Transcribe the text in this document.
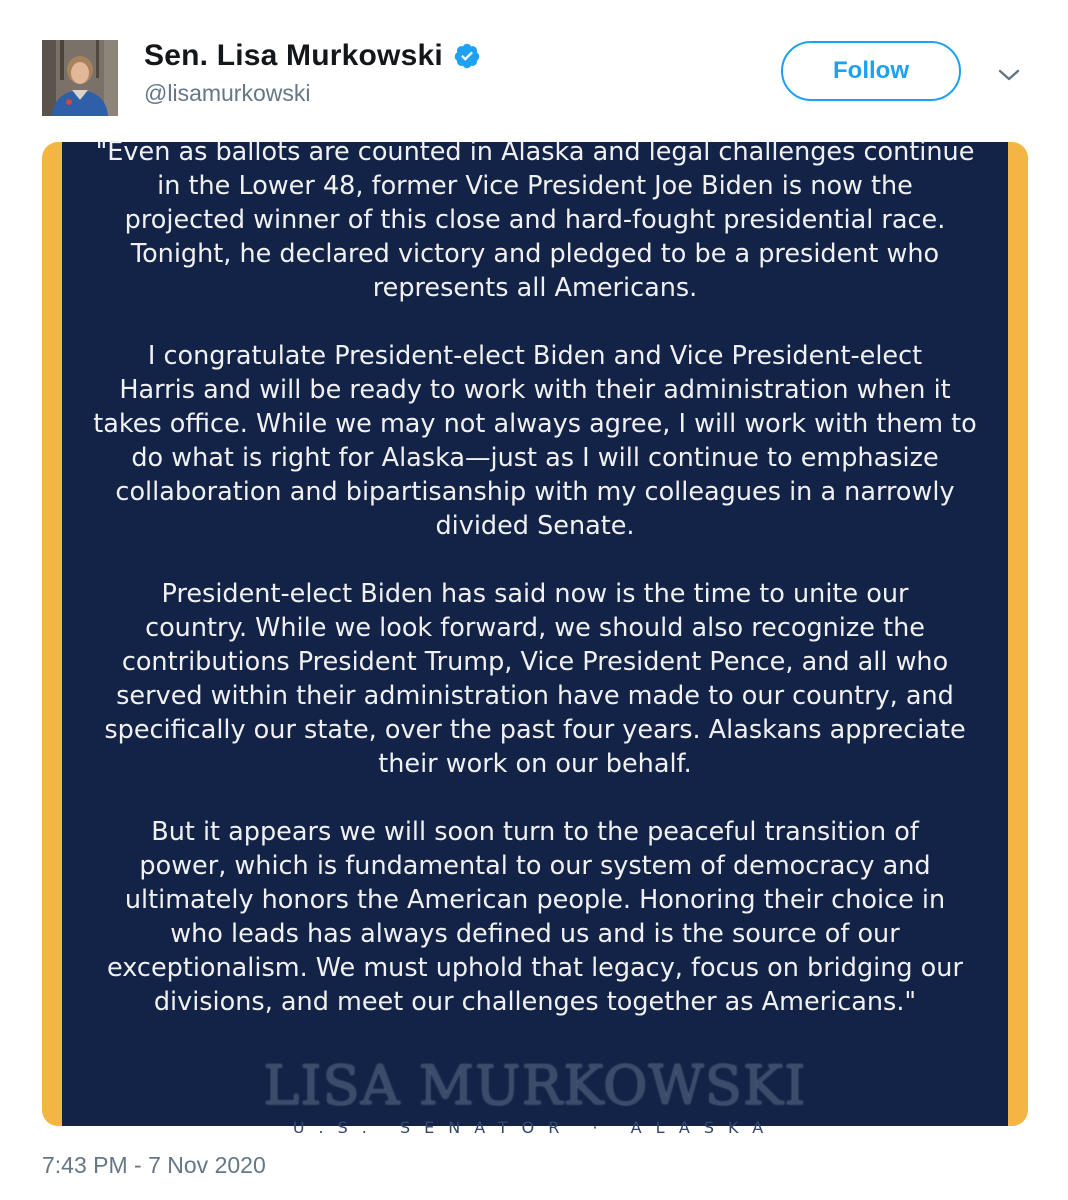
Sen. Lisa Murkowski
@lisamurkowski
Follow

"Even as ballots are counted in Alaska and legal challenges continue
in the Lower 48, former Vice President Joe Biden is now the
projected winner of this close and hard-fought presidential race.
Tonight, he declared victory and pledged to be a president who
represents all Americans.

I congratulate President-elect Biden and Vice President-elect
Harris and will be ready to work with their administration when it
takes office. While we may not always agree, I will work with them to
do what is right for Alaska—just as I will continue to emphasize
collaboration and bipartisanship with my colleagues in a narrowly
divided Senate.

President-elect Biden has said now is the time to unite our
country. While we look forward, we should also recognize the
contributions President Trump, Vice President Pence, and all who
served within their administration have made to our country, and
specifically our state, over the past four years. Alaskans appreciate
their work on our behalf.

But it appears we will soon turn to the peaceful transition of
power, which is fundamental to our system of democracy and
ultimately honors the American people. Honoring their choice in
who leads has always defined us and is the source of our
exceptionalism. We must uphold that legacy, focus on bridging our
divisions, and meet our challenges together as Americans."

LISA MURKOWSKI
U.S. SENATOR · ALASKA
7:43 PM - 7 Nov 2020
